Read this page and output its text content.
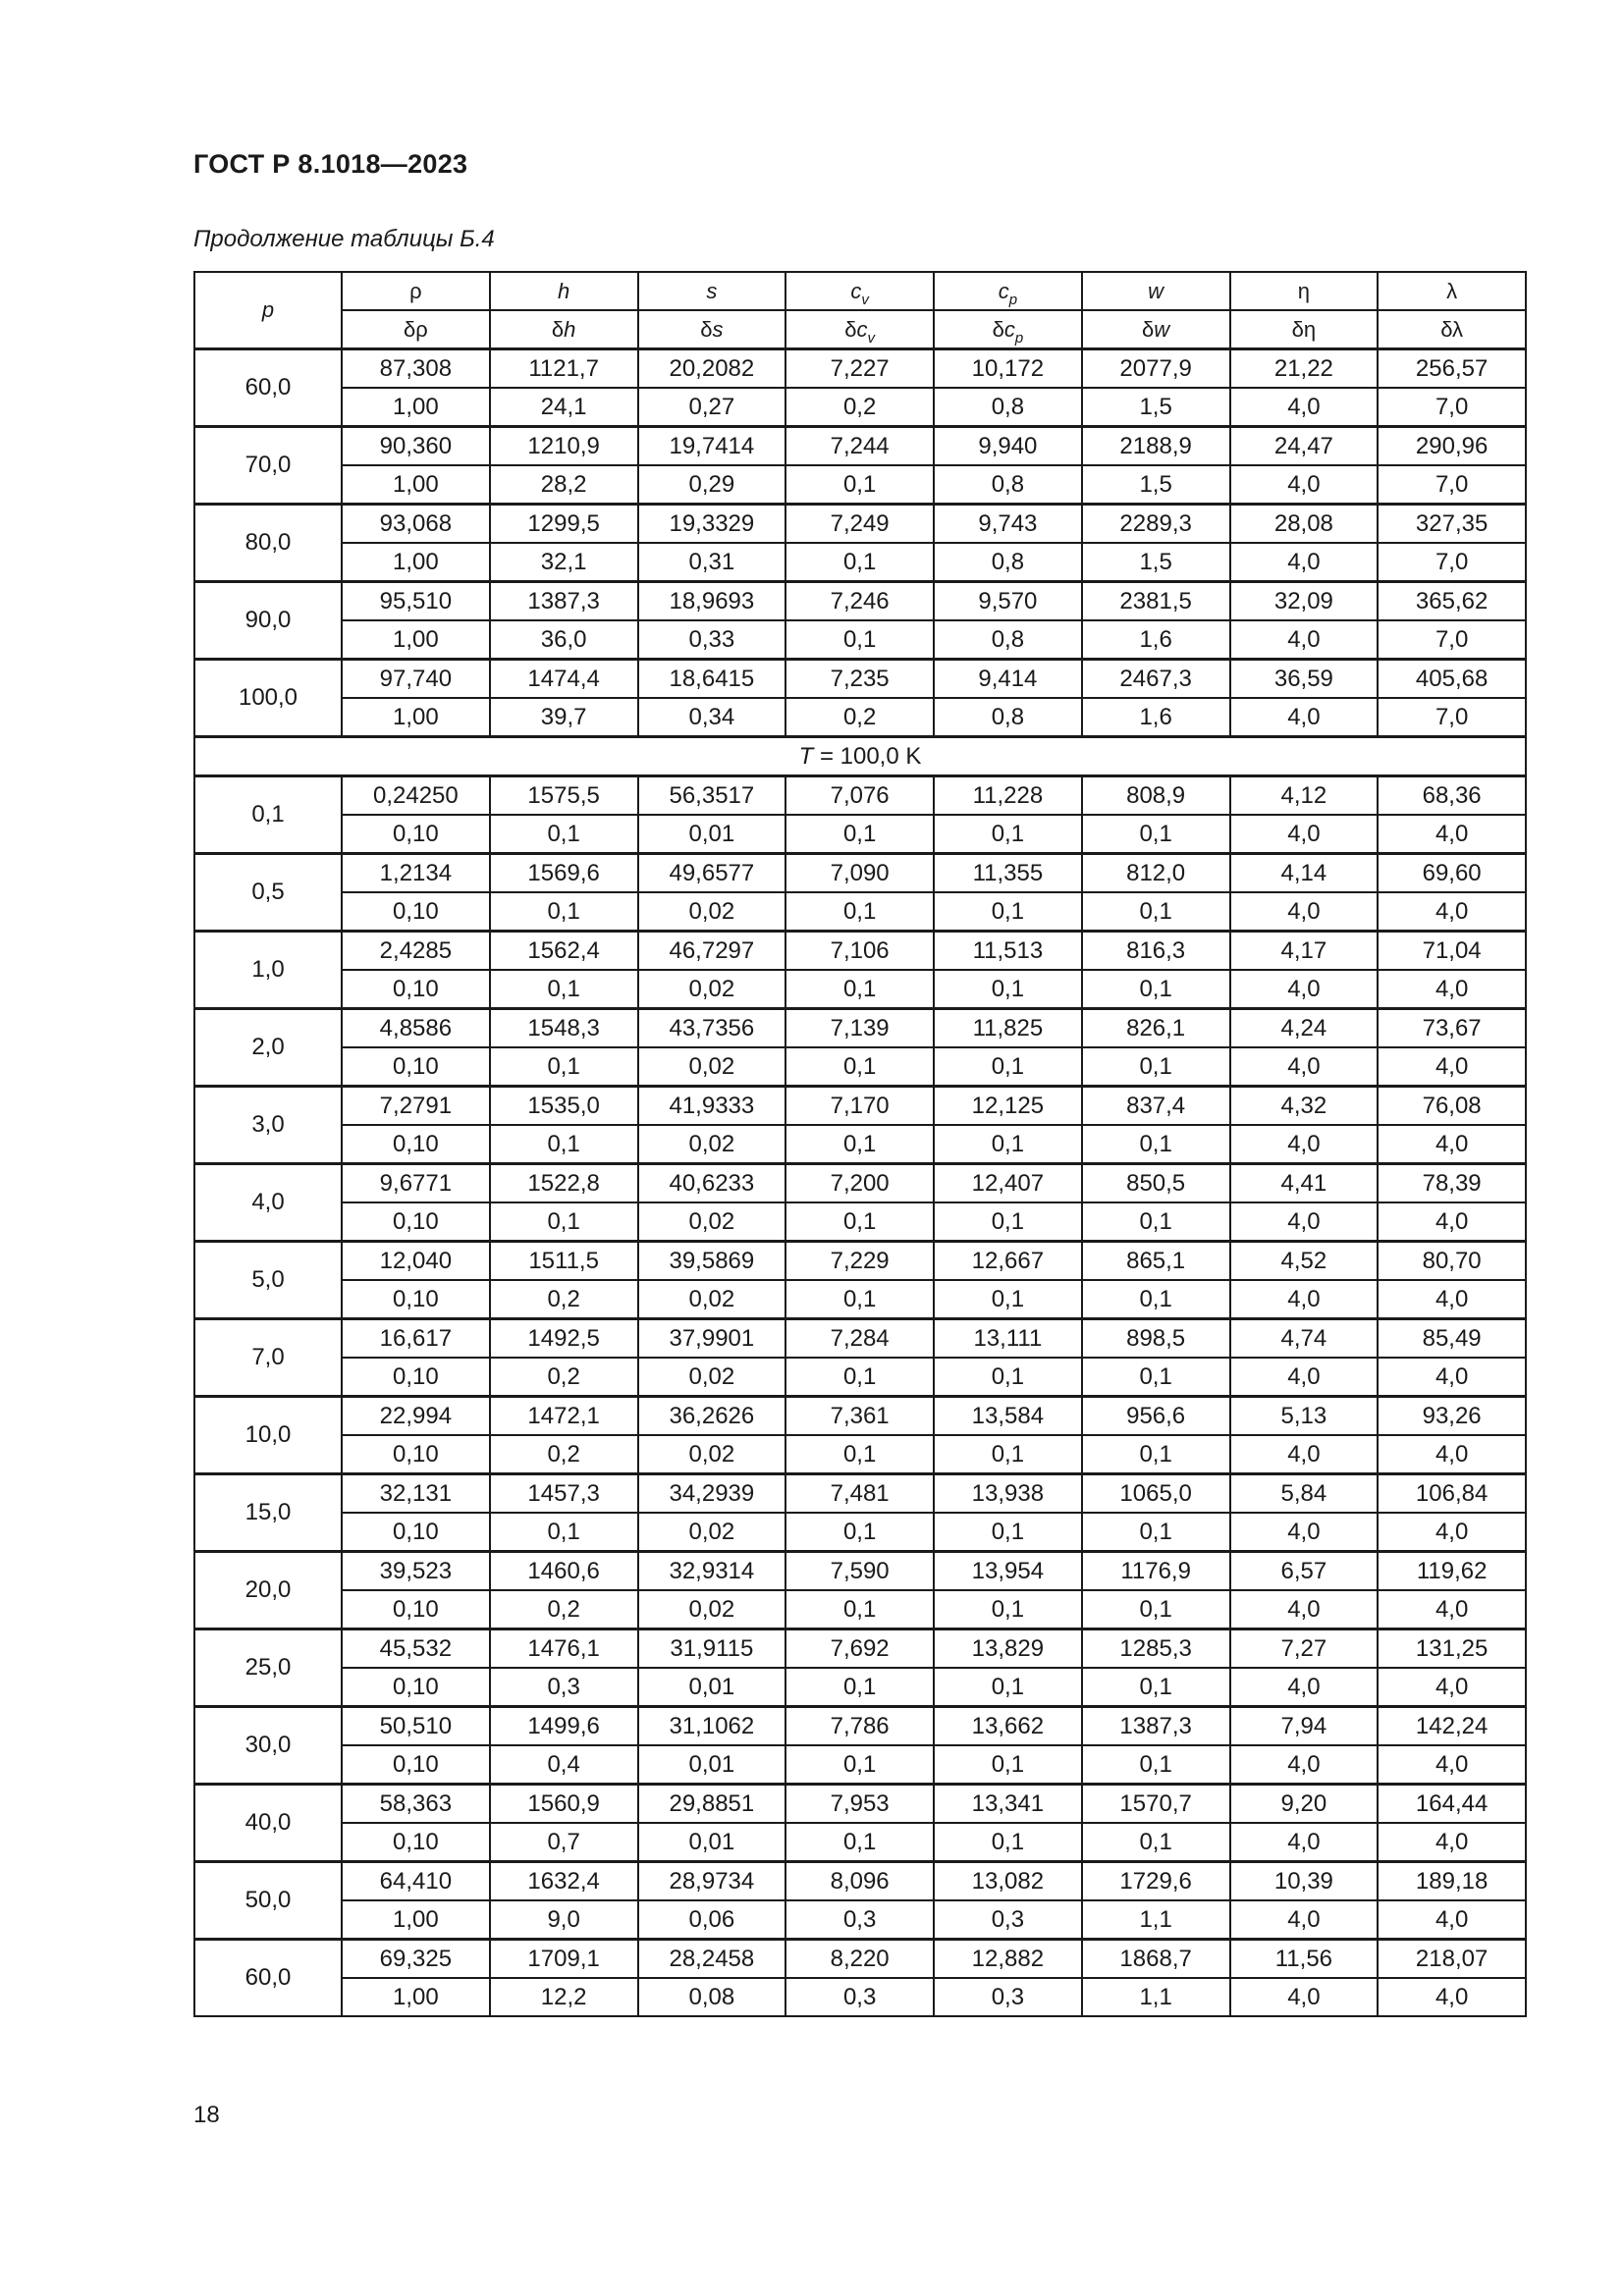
ГОСТ Р 8.1018—2023
Продолжение таблицы Б.4
p	ρ	h	s	$c_v$	$c_p$	w	η	λ
	δρ	δh	δs	$\delta c_v$	$\delta c_p$	δw	δη	δλ
60,0	87,308	1121,7	20,2082	7,227	10,172	2077,9	21,22	256,57
	1,00	24,1	0,27	0,2	0,8	1,5	4,0	7,0
70,0	90,360	1210,9	19,7414	7,244	9,940	2188,9	24,47	290,96
	1,00	28,2	0,29	0,1	0,8	1,5	4,0	7,0
80,0	93,068	1299,5	19,3329	7,249	9,743	2289,3	28,08	327,35
	1,00	32,1	0,31	0,1	0,8	1,5	4,0	7,0
90,0	95,510	1387,3	18,9693	7,246	9,570	2381,5	32,09	365,62
	1,00	36,0	0,33	0,1	0,8	1,6	4,0	7,0
100,0	97,740	1474,4	18,6415	7,235	9,414	2467,3	36,59	405,68
	1,00	39,7	0,34	0,2	0,8	1,6	4,0	7,0
T = 100,0 K								
0,1	0,24250	1575,5	56,3517	7,076	11,228	808,9	4,12	68,36
	0,10	0,1	0,01	0,1	0,1	0,1	4,0	4,0
0,5	1,2134	1569,6	49,6577	7,090	11,355	812,0	4,14	69,60
	0,10	0,1	0,02	0,1	0,1	0,1	4,0	4,0
1,0	2,4285	1562,4	46,7297	7,106	11,513	816,3	4,17	71,04
	0,10	0,1	0,02	0,1	0,1	0,1	4,0	4,0
2,0	4,8586	1548,3	43,7356	7,139	11,825	826,1	4,24	73,67
	0,10	0,1	0,02	0,1	0,1	0,1	4,0	4,0
3,0	7,2791	1535,0	41,9333	7,170	12,125	837,4	4,32	76,08
	0,10	0,1	0,02	0,1	0,1	0,1	4,0	4,0
4,0	9,6771	1522,8	40,6233	7,200	12,407	850,5	4,41	78,39
	0,10	0,1	0,02	0,1	0,1	0,1	4,0	4,0
5,0	12,040	1511,5	39,5869	7,229	12,667	865,1	4,52	80,70
	0,10	0,2	0,02	0,1	0,1	0,1	4,0	4,0
7,0	16,617	1492,5	37,9901	7,284	13,111	898,5	4,74	85,49
	0,10	0,2	0,02	0,1	0,1	0,1	4,0	4,0
10,0	22,994	1472,1	36,2626	7,361	13,584	956,6	5,13	93,26
	0,10	0,2	0,02	0,1	0,1	0,1	4,0	4,0
15,0	32,131	1457,3	34,2939	7,481	13,938	1065,0	5,84	106,84
	0,10	0,1	0,02	0,1	0,1	0,1	4,0	4,0
20,0	39,523	1460,6	32,9314	7,590	13,954	1176,9	6,57	119,62
	0,10	0,2	0,02	0,1	0,1	0,1	4,0	4,0
25,0	45,532	1476,1	31,9115	7,692	13,829	1285,3	7,27	131,25
	0,10	0,3	0,01	0,1	0,1	0,1	4,0	4,0
30,0	50,510	1499,6	31,1062	7,786	13,662	1387,3	7,94	142,24
	0,10	0,4	0,01	0,1	0,1	0,1	4,0	4,0
40,0	58,363	1560,9	29,8851	7,953	13,341	1570,7	9,20	164,44
	0,10	0,7	0,01	0,1	0,1	0,1	4,0	4,0
50,0	64,410	1632,4	28,9734	8,096	13,082	1729,6	10,39	189,18
	1,00	9,0	0,06	0,3	0,3	1,1	4,0	4,0
60,0	69,325	1709,1	28,2458	8,220	12,882	1868,7	11,56	218,07
	1,00	12,2	0,08	0,3	0,3	1,1	4,0	4,0
18
